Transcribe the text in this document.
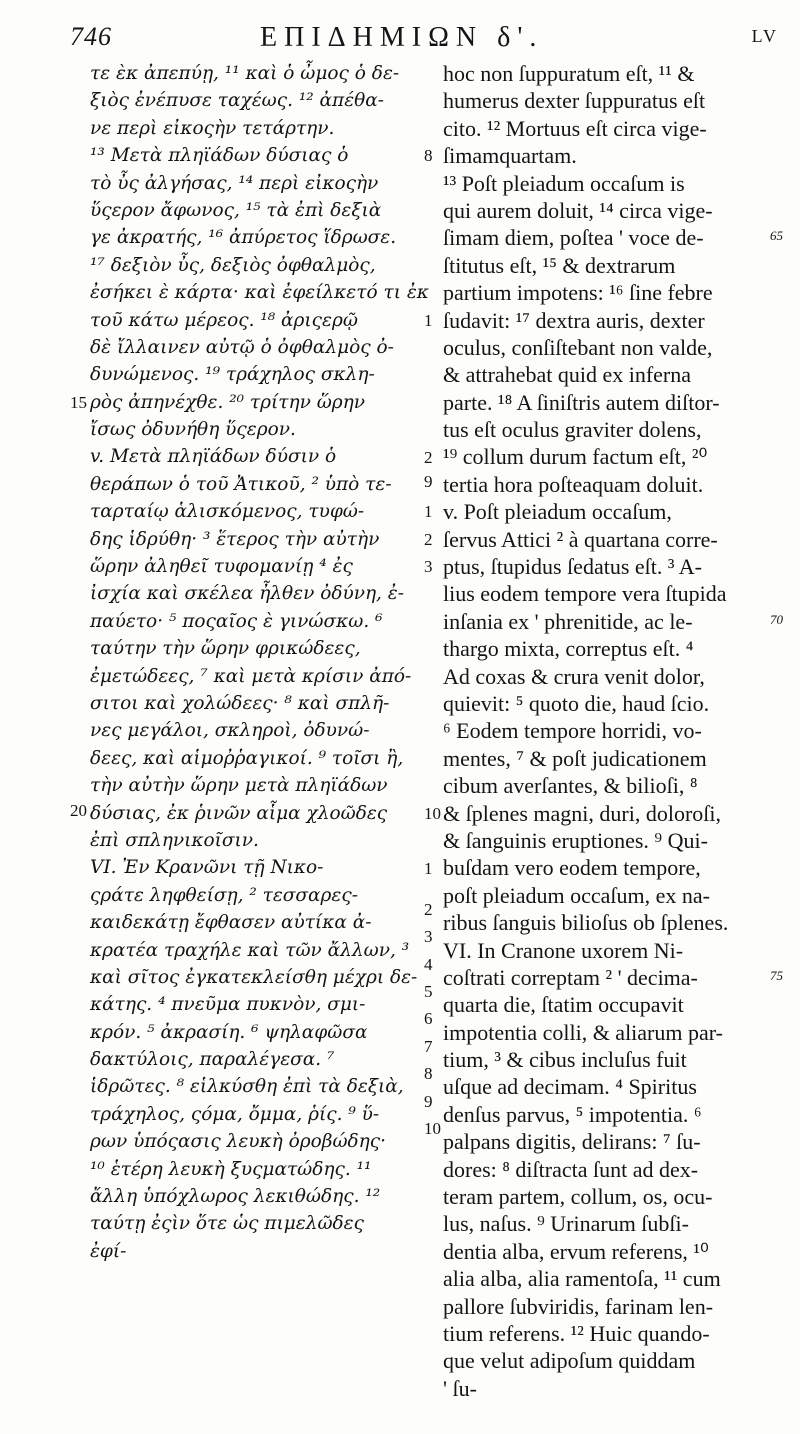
746	ΕΠΙΔΗΜΙΩΝ δ'.	LV
τε ὲκ ἀπεπύῃ, ¹¹ καὶ ὁ ὦμος ὁ δε-
ξιὸς ἐνέπυσε ταχέως. ¹² ἀπέθα-
νε περὶ εἰκοςὴν τετάρτην.
¹³ Μετὰ πληϊάδων δύσιας ὁ
τὸ ὖς ἀλγήσας, ¹⁴ περὶ εἰκοςὴν
ὕςερον ἄφωνος, ¹⁵ τὰ ἐπὶ δεξιὰ
γε ἀκρατής, ¹⁶ ἀπύρετος ἵδρωσε.
¹⁷ δεξιὸν ὖς, δεξιὸς ὀφθαλμὸς,
ἐσήκει ὲ κάρτα· καὶ ἐφείλκετό τι ἐκ
τοῦ κάτω μέρεος. ¹⁸ ἀριςερῷ
δὲ ἴλλαινεν αὐτῷ ὁ ὀφθαλμὸς ὀ-
δυνώμενος. ¹⁹ τράχηλος σκλη-
ρὸς ἀπηνέχθε. ²⁰ τρίτην ὥρην
ἴσως ὀδυνήθη ὕςερον.
v. Μετὰ πληϊάδων δύσιν ὁ
θεράπων ὁ τοῦ Ἀτικοῦ, ² ὑπὸ τε-
ταρταίῳ ἁλισκόμενος, τυφώ-
δης ἱδρύθη· ³ ἕτερος τὴν αὐτὴν
ὥρην ἀληθεῖ τυφομανίῃ ⁴ ἐς
ἰσχία καὶ σκέλεα ἦλθεν ὀδύνη, ἐ-
παύετο· ⁵ ποςαῖος ὲ γινώσκω. ⁶
ταύτην τὴν ὥρην φρικώδεες,
ἐμετώδεες, ⁷ καὶ μετὰ κρίσιν ἀπό-
σιτοι καὶ χολώδεες· ⁸ καὶ σπλῆ-
νες μεγάλοι, σκληροὶ, ὀδυνώ-
δεες, καὶ αἱμοῤῥαγικοί. ⁹ τοῖσι ἢ,
τὴν αὐτὴν ὥρην μετὰ πληϊάδων
δύσιας, ἐκ ῥινῶν αἷμα χλοῶδες
ἐπὶ σπληνικοῖσιν.
VI. Ἐν Κρανῶνι τῇ Νικο-
ςράτε ληφθείσῃ, ² τεσσαρες-
καιδεκάτῃ ἔφθασεν αὐτίκα ἀ-
κρατέα τραχήλε καὶ τῶν ἄλλων, ³
καὶ σῖτος ἐγκατεκλείσθη μέχρι δε-
κάτης. ⁴ πνεῦμα πυκνὸν, σμι-
κρόν. ⁵ ἀκρασίη. ⁶ ψηλαφῶσα
δακτύλοις, παραλέγεσα. ⁷
ἱδρῶτες. ⁸ εἱλκύσθη ἐπὶ τὰ δεξιὰ,
τράχηλος, ςόμα, ὄμμα, ῥίς. ⁹ ὕ-
ρων ὑπόςασις λευκὴ ὀροβώδης·
¹⁰ ἑτέρη λευκὴ ξυςματώδης. ¹¹
ἄλλη ὑπόχλωρος λεκιθώδης. ¹²
ταύτῃ ἐςὶν ὅτε ὡς πιμελῶδες
ἐφί-
hoc non ſuppuratum eſt, ¹¹ &
humerus dexter ſuppuratus eſt
cito. ¹² Mortuus eſt circa vige-
ſimamquartam.
¹³ Poſt pleiadum occaſum is
qui aurem doluit, ¹⁴ circa vige-
ſimam diem, poſtea ' voce de-
ſtitutus eſt, ¹⁵ & dextrarum
partium impotens: ¹⁶ ſine febre
ſudavit: ¹⁷ dextra auris, dexter
oculus, conſiſtebant non valde,
& attrahebat quid ex inferna
parte. ¹⁸ A ſiniſtris autem diſtor-
tus eſt oculus graviter dolens,
¹⁹ collum durum factum eſt, ²⁰
tertia hora poſteaquam doluit.
v. Poſt pleiadum occaſum,
ſervus Attici ² à quartana corre-
ptus, ſtupidus ſedatus eſt. ³ A-
lius eodem tempore vera ſtupida
inſania ex ' phrenitide, ac le-
thargo mixta, correptus eſt. ⁴
Ad coxas & crura venit dolor,
quievit: ⁵ quoto die, haud ſcio.
⁶ Eodem tempore horridi, vo-
mentes, ⁷ & poſt judicationem
cibum averſantes, & bilioſi, ⁸
& ſplenes magni, duri, doloroſi,
& ſanguinis eruptiones. ⁹ Qui-
buſdam vero eodem tempore,
poſt pleiadum occaſum, ex na-
ribus ſanguis bilioſus ob ſplenes.
VI. In Cranone uxorem Ni-
coſtrati correptam ² ' decima-
quarta die, ſtatim occupavit
impotentia colli, & aliarum par-
tium, ³ & cibus incluſus fuit
uſque ad decimam. ⁴ Spiritus
denſus parvus, ⁵ impotentia. ⁶
palpans digitis, delirans: ⁷ ſu-
dores: ⁸ diſtracta ſunt ad dex-
teram partem, collum, os, ocu-
lus, naſus. ⁹ Urinarum ſubſi-
dentia alba, ervum referens, ¹⁰
alia alba, alia ramentoſa, ¹¹ cum
pallore ſubviridis, farinam len-
tium referens. ¹² Huic quando-
que velut adipoſum quiddam
' ſu-
15
20
8
1
2
9
1
2
3
10
1
2
3
4
5
6
7
8
9
10
65
70
75
